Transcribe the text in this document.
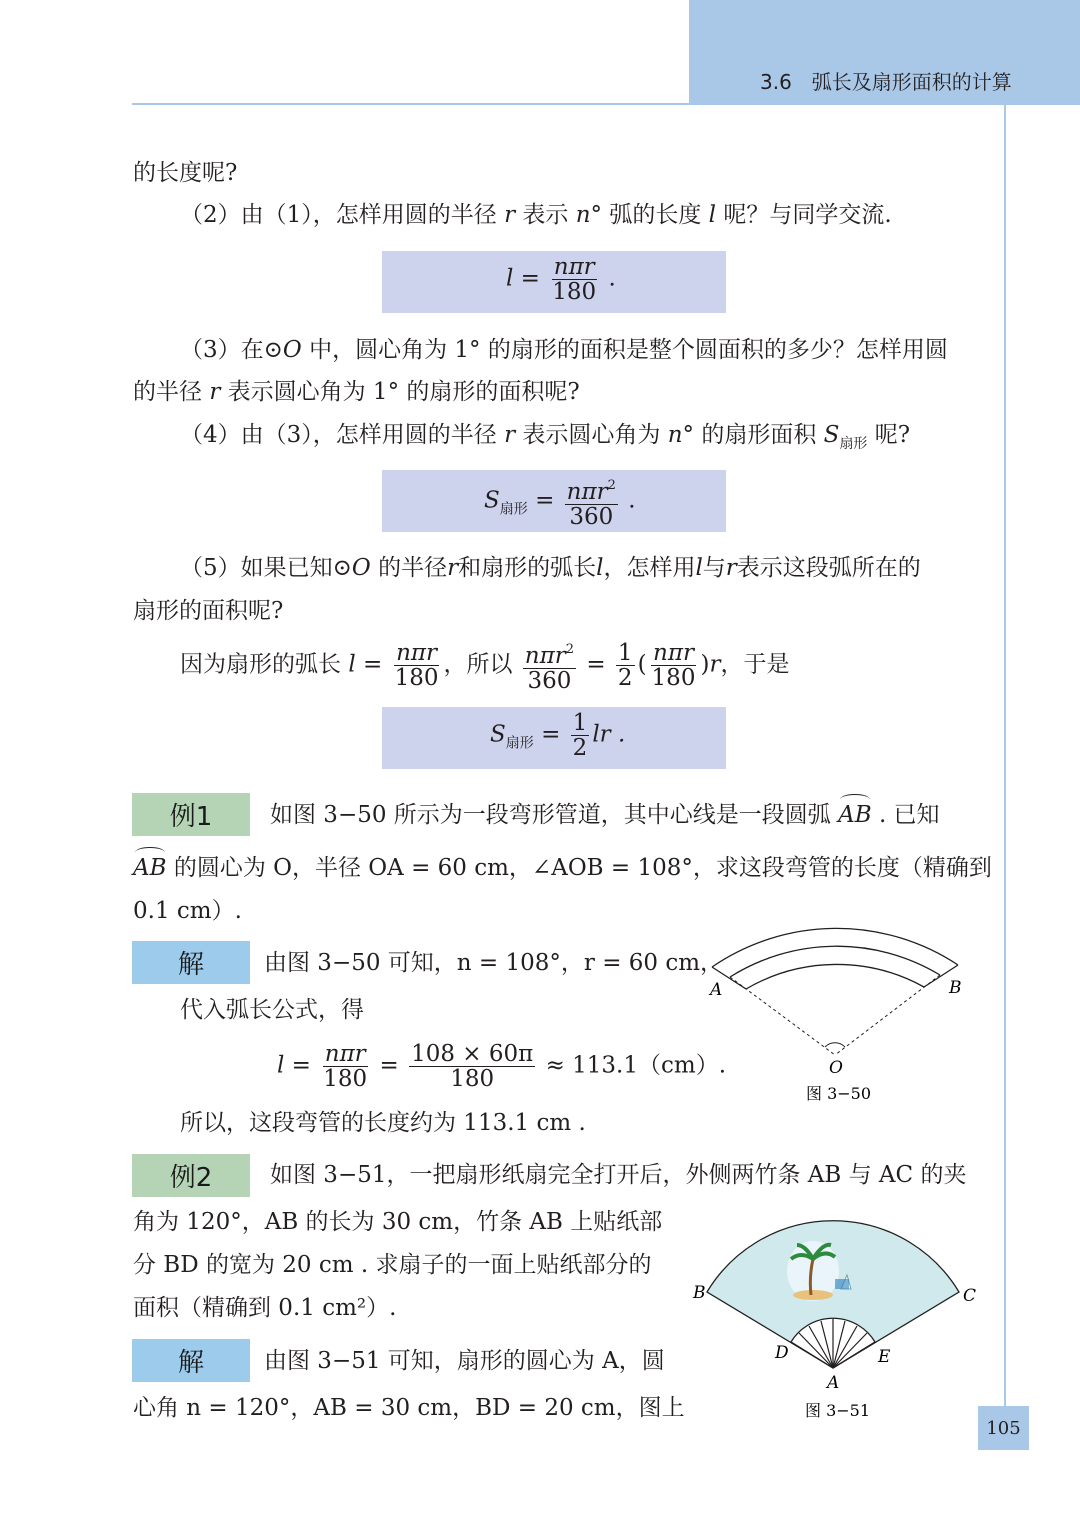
3.6　弧长及扇形面积的计算
的长度呢?
（2）由（1），怎样用圆的半径 r 表示 n° 弧的长度 l 呢？与同学交流.
$l = \frac{\text{nπr}}{180}$ .
（3）在⊙O 中，圆心角为 1° 的扇形的面积是整个圆面积的多少？怎样用圆
的半径 r 表示圆心角为 1° 的扇形的面积呢?
（4）由（3），怎样用圆的半径 r 表示圆心角为 n° 的扇形面积 $S_{扇形}$ 呢?
$S_{扇形} = \frac{n\pi r^2}{360}$ .
（5）如果已知⊙O 的半径r和扇形的弧长l，怎样用l与r表示这段弧所在的
扇形的面积呢?
因为扇形的弧长 $l = \frac{\text{nπr}}{180}$ ，所以 $\frac{n\pi r^2}{360} = \frac{1}{2}$ ( $\frac{\text{nπr}}{180} )r$，于是
$S_{扇形} = \frac{1}{2}$ lr .
例1	如图 3−50 所示为一段弯形管道，其中心线是一段圆弧 AB . 已知
AB 的圆心为 O，半径 OA = 60 cm，∠AOB = 108°，求这段弯管的长度（精确到
0.1 cm）.
解	由图 3−50 可知，n = 108°，r = 60 cm，
代入弧长公式，得
$l = \frac{\text{nπr}}{180} = \frac{108 \times 60\pi}{180} \approx 113.1(cm)$.
所以，这段弯管的长度约为 113.1 cm .
A	B
O
图 3−50
例2	如图 3−51，一把扇形纸扇完全打开后，外侧两竹条 AB 与 AC 的夹
角为 120°，AB 的长为 30 cm，竹条 AB 上贴纸部
分 BD 的宽为 20 cm . 求扇子的一面上贴纸部分的
面积（精确到 0.1 cm²）.
解	由图 3−51 可知，扇形的圆心为 A，圆
心角 n = 120°，AB = 30 cm，BD = 20 cm，图上
B	C
D	E
A
图 3−51
105
